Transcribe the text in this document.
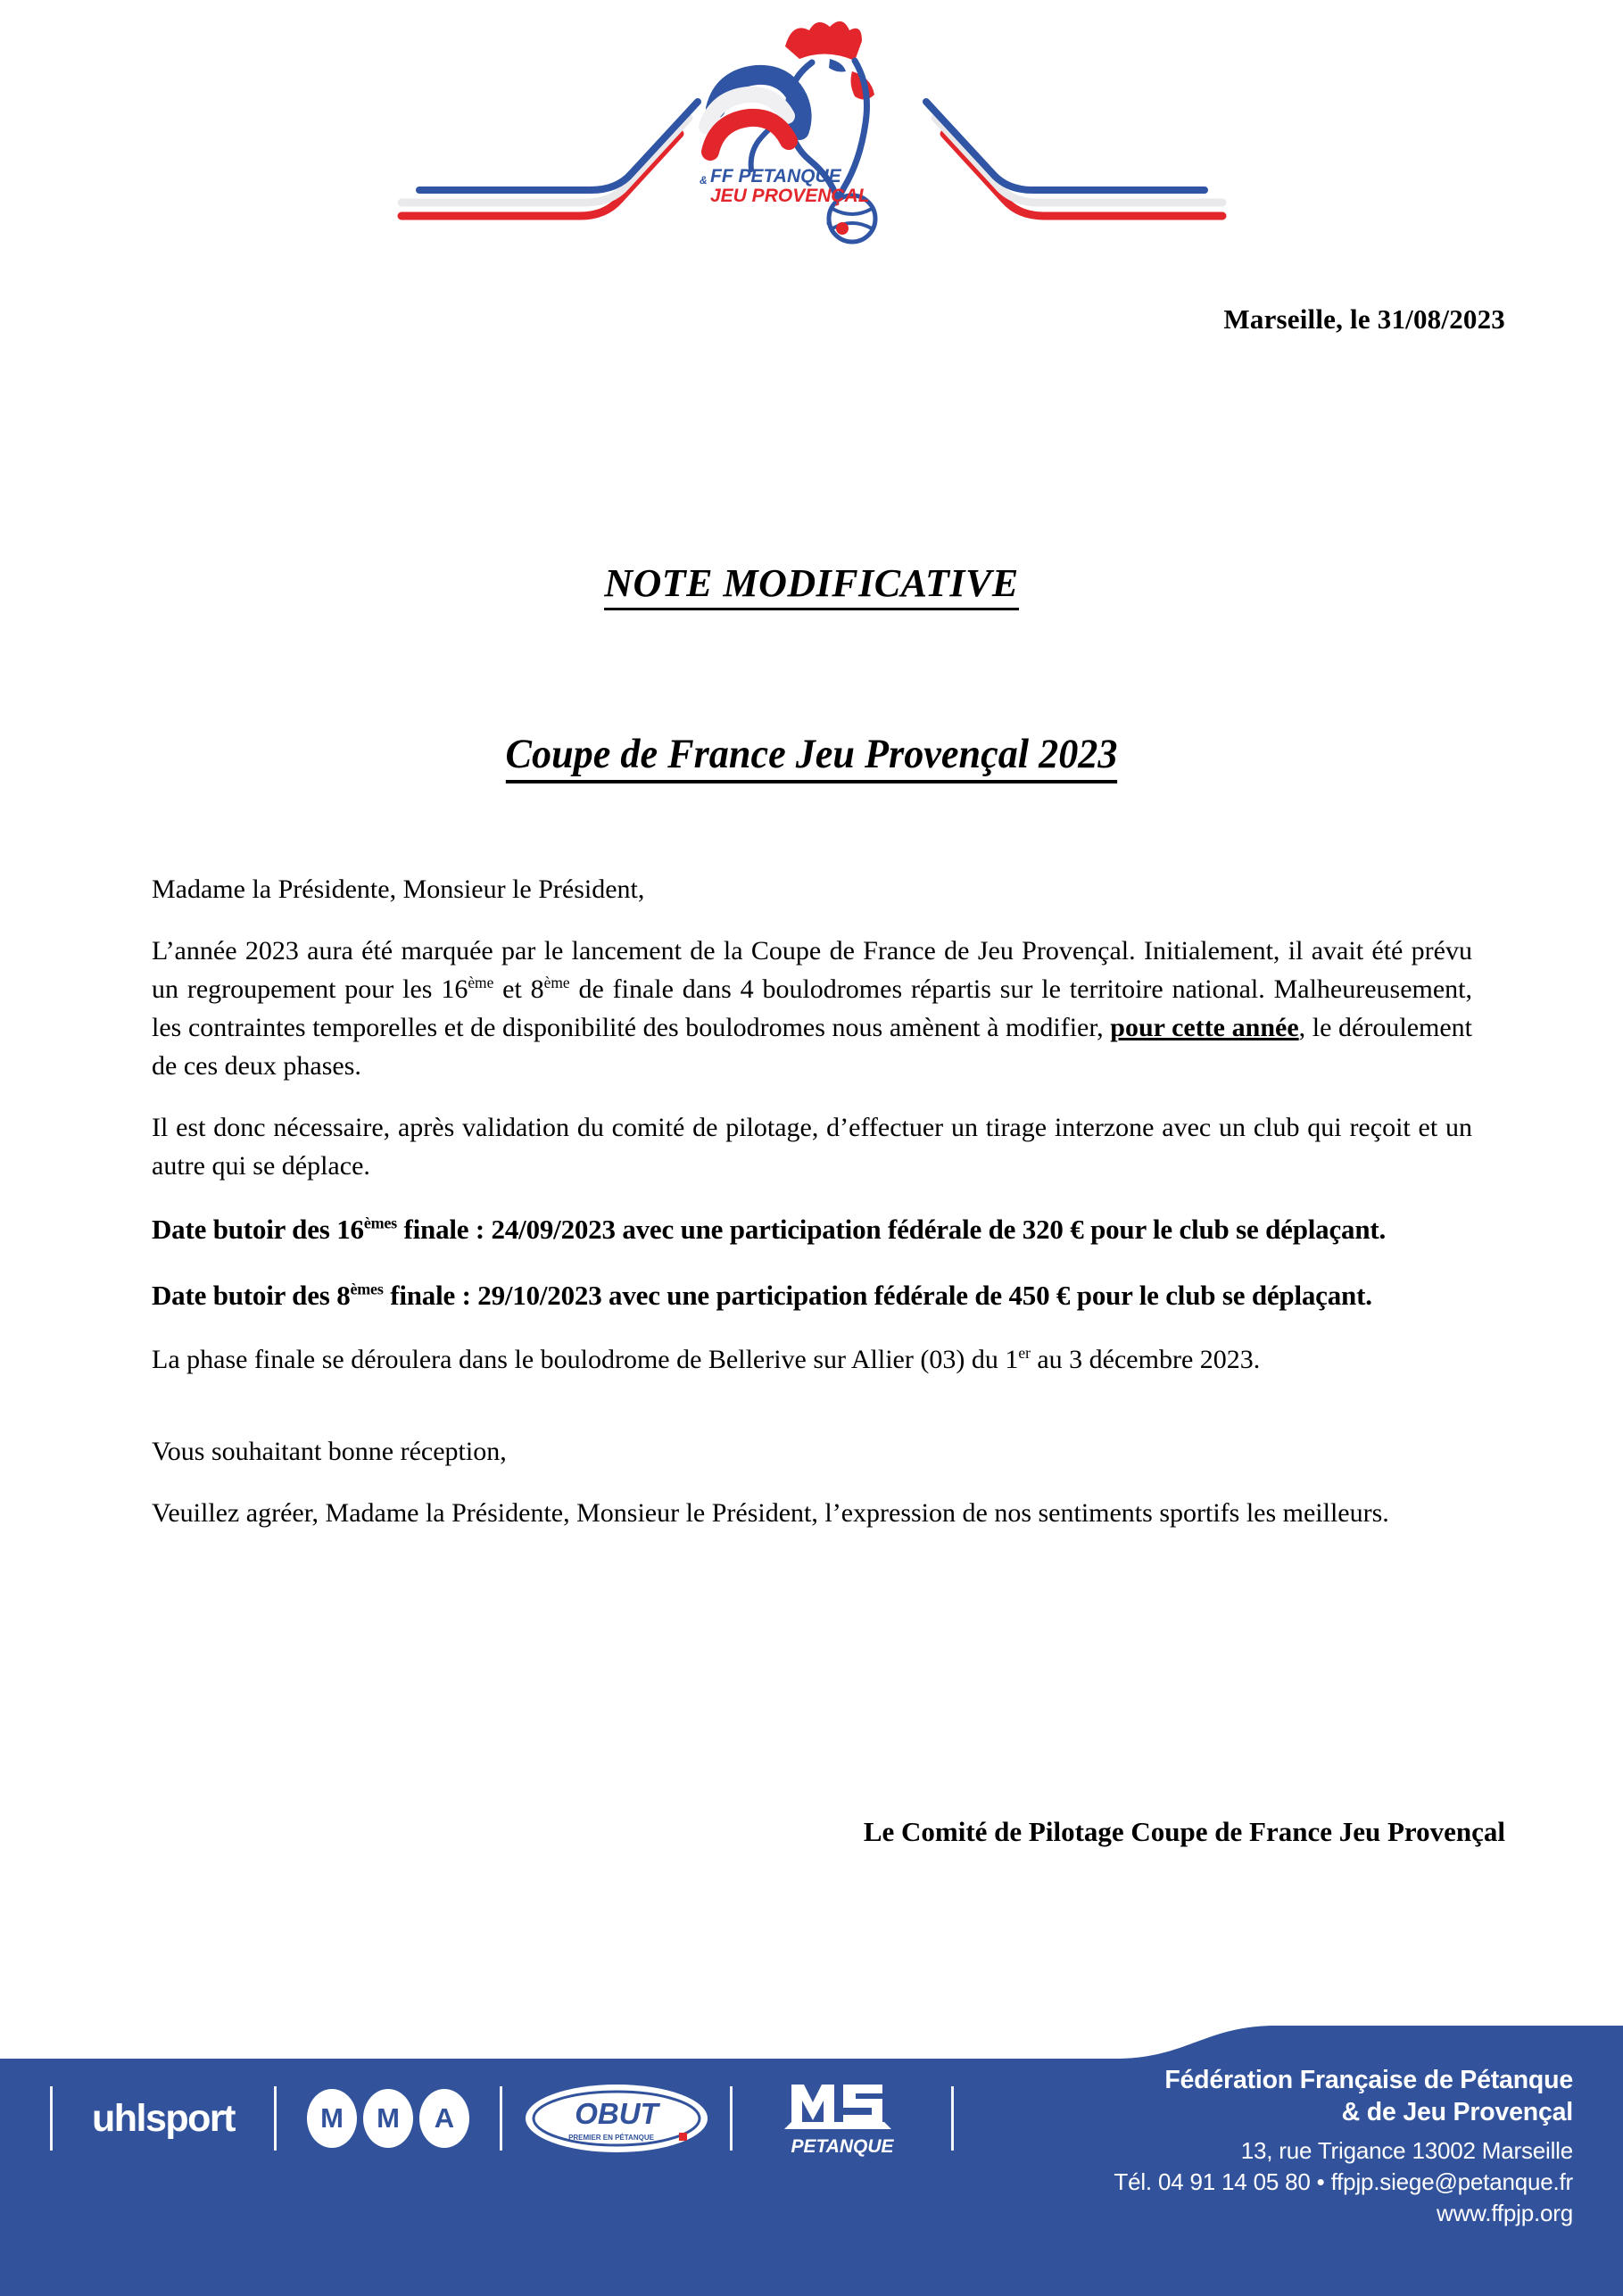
& FF PETANQUE
JEU PROVENÇAL
Marseille, le 31/08/2023
NOTE MODIFICATIVE
Coupe de France Jeu Provençal 2023

Madame la Présidente, Monsieur le Président,

L’année 2023 aura été marquée par le lancement de la Coupe de France de Jeu Provençal. Initialement, il avait été prévu un regroupement pour les 16ème et 8ème de finale dans 4 boulodromes répartis sur le territoire national. Malheureusement, les contraintes temporelles et de disponibilité des boulodromes nous amènent à modifier, pour cette année, le déroulement de ces deux phases.

Il est donc nécessaire, après validation du comité de pilotage, d’effectuer un tirage interzone avec un club qui reçoit et un autre qui se déplace.

Date butoir des 16èmes finale : 24/09/2023 avec une participation fédérale de 320 € pour le club se déplaçant.

Date butoir des 8èmes finale : 29/10/2023 avec une participation fédérale de 450 € pour le club se déplaçant.

La phase finale se déroulera dans le boulodrome de Bellerive sur Allier (03) du 1er au 3 décembre 2023.

Vous souhaitant bonne réception,

Veuillez agréer, Madame la Présidente, Monsieur le Président, l’expression de nos sentiments sportifs les meilleurs.

Le Comité de Pilotage Coupe de France Jeu Provençal
uhlsport	M	M	A	OBUT
PREMIER EN PÉTANQUE	PETANQUE
Fédération Française de Pétanque
& de Jeu Provençal
13, rue Trigance 13002 Marseille
Tél. 04 91 14 05 80 • ffpjp.siege@petanque.fr
www.ffpjp.org
